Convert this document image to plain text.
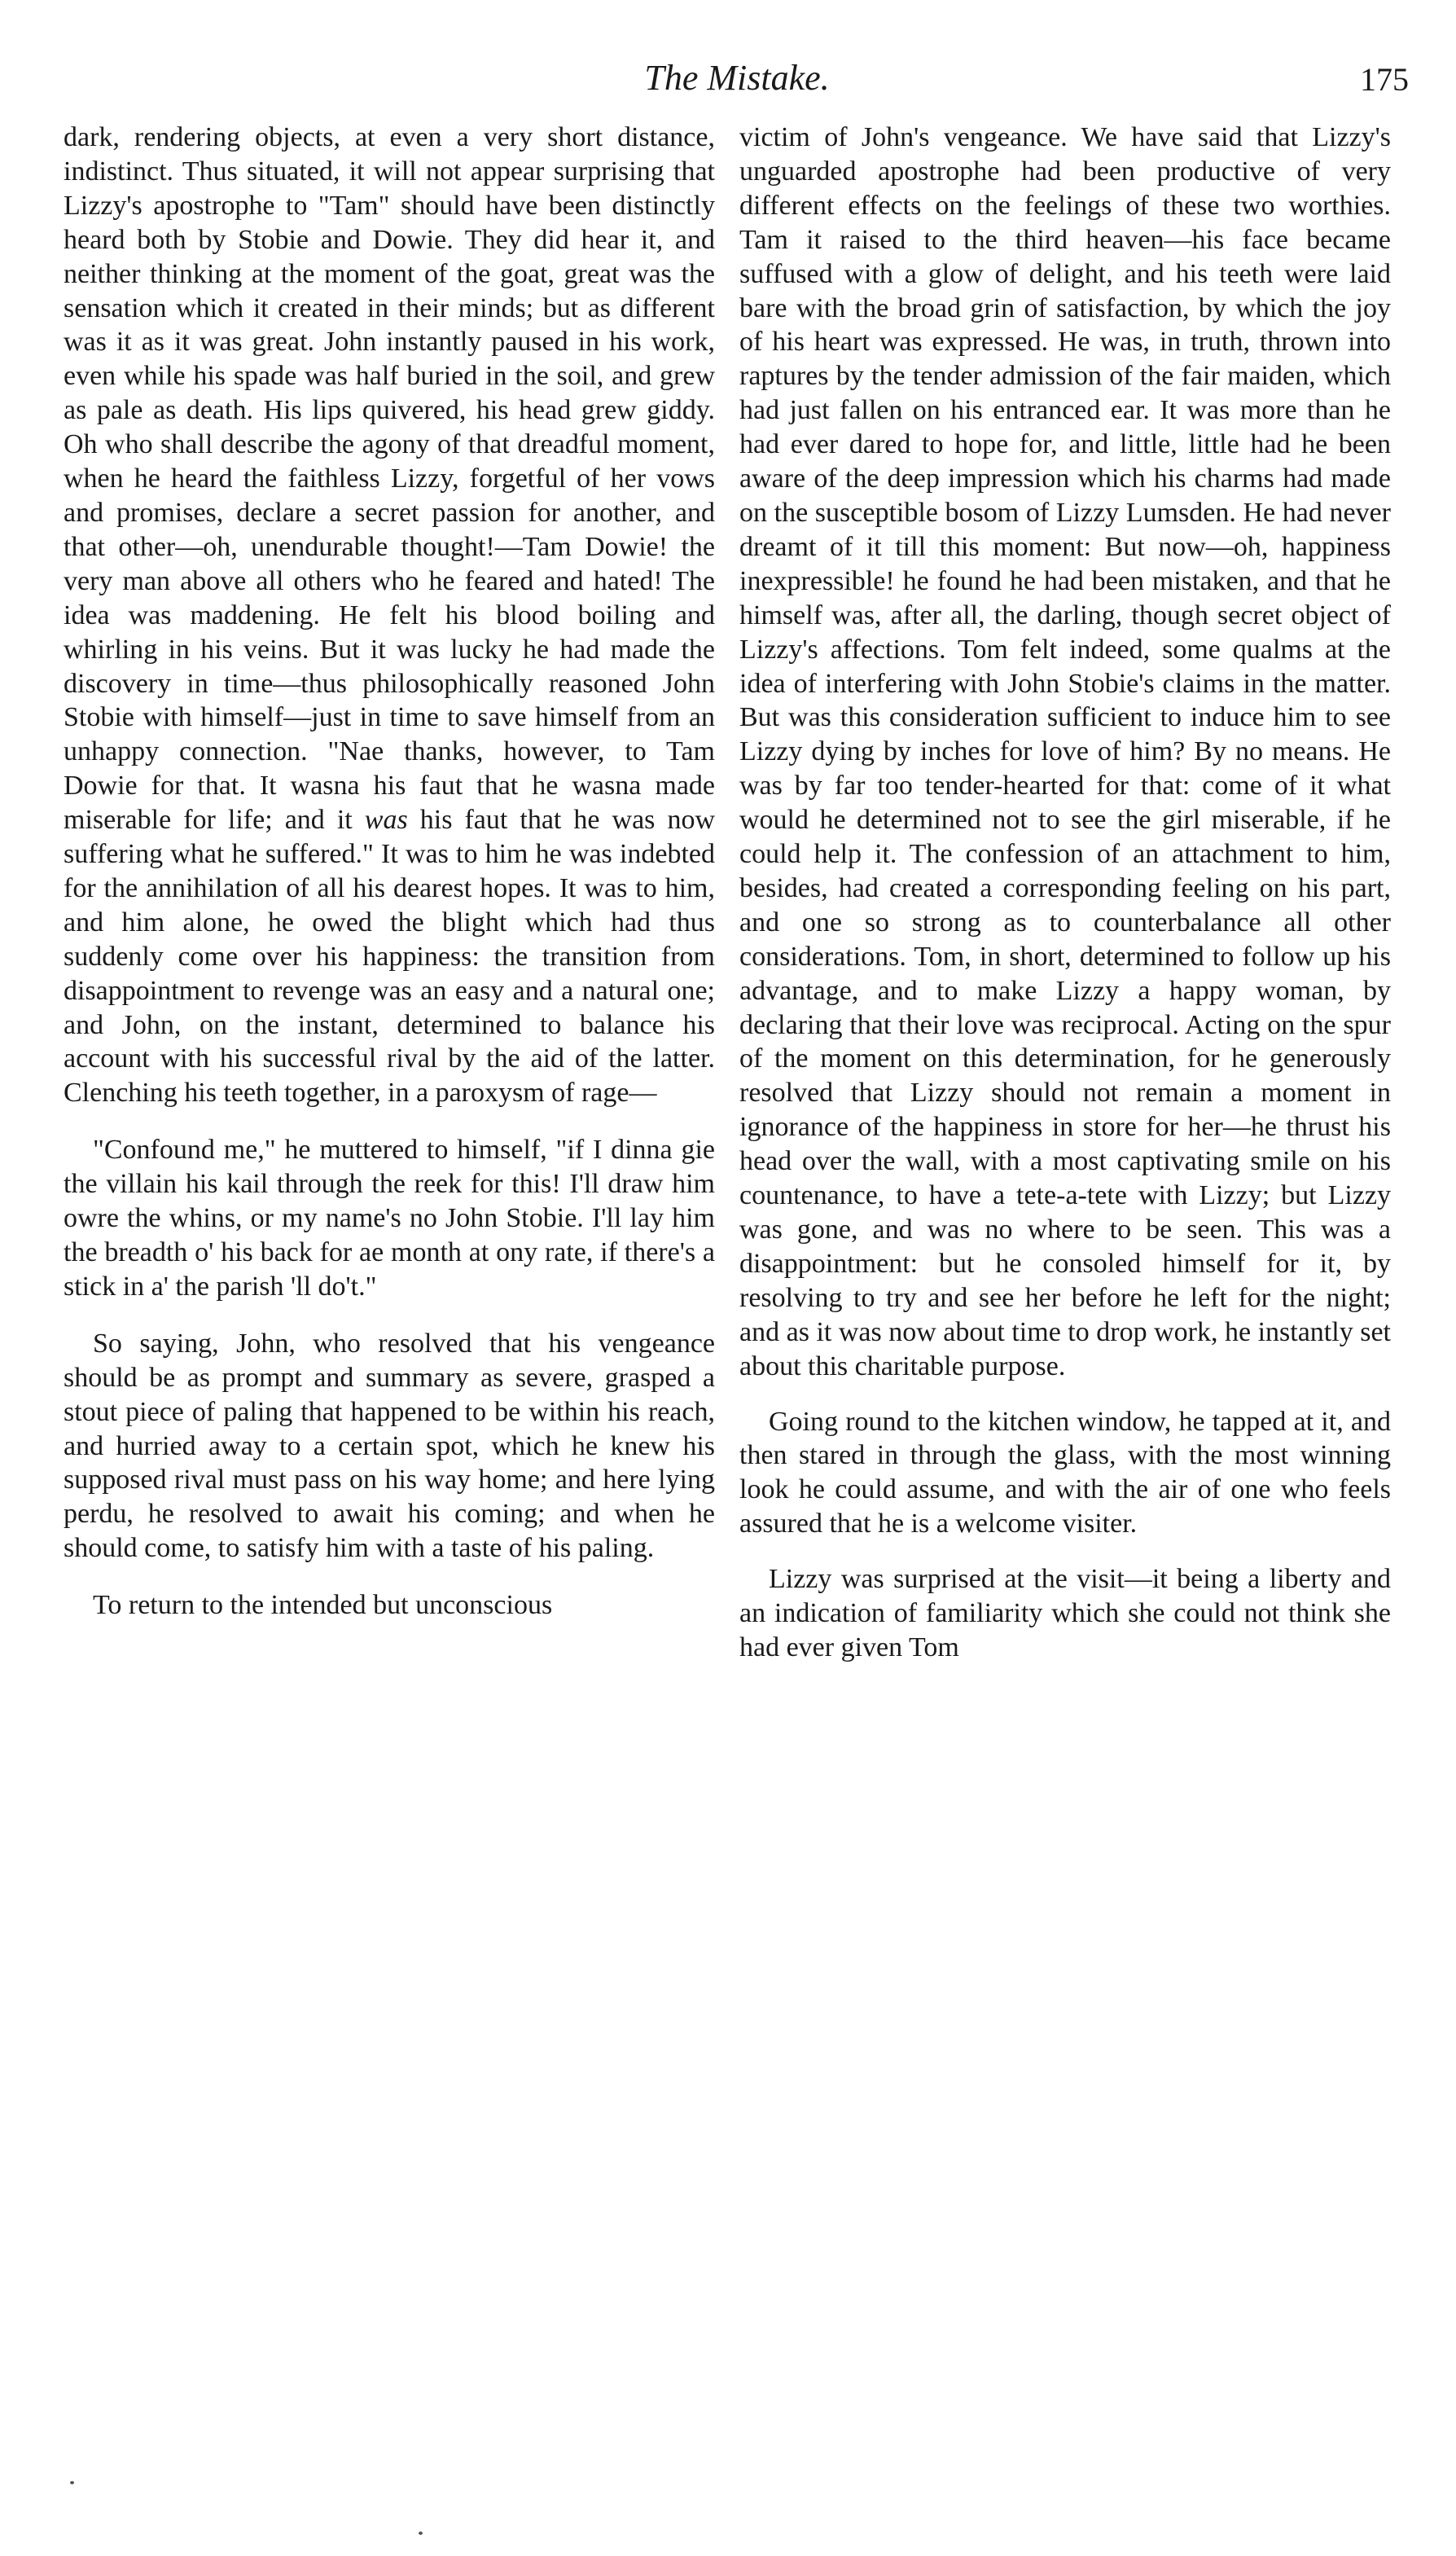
The Mistake.	175

dark, rendering objects, at even a very short distance, indistinct. Thus situated, it will not appear surprising that Lizzy's apostrophe to "Tam" should have been distinctly heard both by Stobie and Dowie. They did hear it, and neither thinking at the moment of the goat, great was the sensation which it created in their minds; but as different was it as it was great. John instantly paused in his work, even while his spade was half buried in the soil, and grew as pale as death. His lips quivered, his head grew giddy. Oh who shall describe the agony of that dreadful moment, when he heard the faithless Lizzy, forgetful of her vows and promises, declare a secret passion for another, and that other—oh, unendurable thought!—Tam Dowie! the very man above all others who he feared and hated! The idea was maddening. He felt his blood boiling and whirling in his veins. But it was lucky he had made the discovery in time—thus philosophically reasoned John Stobie with himself—just in time to save himself from an unhappy connection. "Nae thanks, however, to Tam Dowie for that. It wasna his faut that he wasna made miserable for life; and it was his faut that he was now suffering what he suffered." It was to him he was indebted for the annihilation of all his dearest hopes. It was to him, and him alone, he owed the blight which had thus suddenly come over his happiness: the transition from disappointment to revenge was an easy and a natural one; and John, on the instant, determined to balance his account with his successful rival by the aid of the latter. Clenching his teeth together, in a paroxysm of rage—

"Confound me," he muttered to himself, "if I dinna gie the villain his kail through the reek for this! I'll draw him owre the whins, or my name's no John Stobie. I'll lay him the breadth o' his back for ae month at ony rate, if there's a stick in a' the parish 'll do't."

So saying, John, who resolved that his vengeance should be as prompt and summary as severe, grasped a stout piece of paling that happened to be within his reach, and hurried away to a certain spot, which he knew his supposed rival must pass on his way home; and here lying perdu, he resolved to await his coming; and when he should come, to satisfy him with a taste of his paling.

To return to the intended but unconscious

victim of John's vengeance. We have said that Lizzy's unguarded apostrophe had been productive of very different effects on the feelings of these two worthies. Tam it raised to the third heaven—his face became suffused with a glow of delight, and his teeth were laid bare with the broad grin of satisfaction, by which the joy of his heart was expressed. He was, in truth, thrown into raptures by the tender admission of the fair maiden, which had just fallen on his entranced ear. It was more than he had ever dared to hope for, and little, little had he been aware of the deep impression which his charms had made on the susceptible bosom of Lizzy Lumsden. He had never dreamt of it till this moment: But now—oh, happiness inexpressible! he found he had been mistaken, and that he himself was, after all, the darling, though secret object of Lizzy's affections. Tom felt indeed, some qualms at the idea of interfering with John Stobie's claims in the matter. But was this consideration sufficient to induce him to see Lizzy dying by inches for love of him? By no means. He was by far too tender-hearted for that: come of it what would he determined not to see the girl miserable, if he could help it. The confession of an attachment to him, besides, had created a corresponding feeling on his part, and one so strong as to counterbalance all other considerations. Tom, in short, determined to follow up his advantage, and to make Lizzy a happy woman, by declaring that their love was reciprocal. Acting on the spur of the moment on this determination, for he generously resolved that Lizzy should not remain a moment in ignorance of the happiness in store for her—he thrust his head over the wall, with a most captivating smile on his countenance, to have a tete-a-tete with Lizzy; but Lizzy was gone, and was no where to be seen. This was a disappointment: but he consoled himself for it, by resolving to try and see her before he left for the night; and as it was now about time to drop work, he instantly set about this charitable purpose.

Going round to the kitchen window, he tapped at it, and then stared in through the glass, with the most winning look he could assume, and with the air of one who feels assured that he is a welcome visiter.

Lizzy was surprised at the visit—it being a liberty and an indication of familiarity which she could not think she had ever given Tom
